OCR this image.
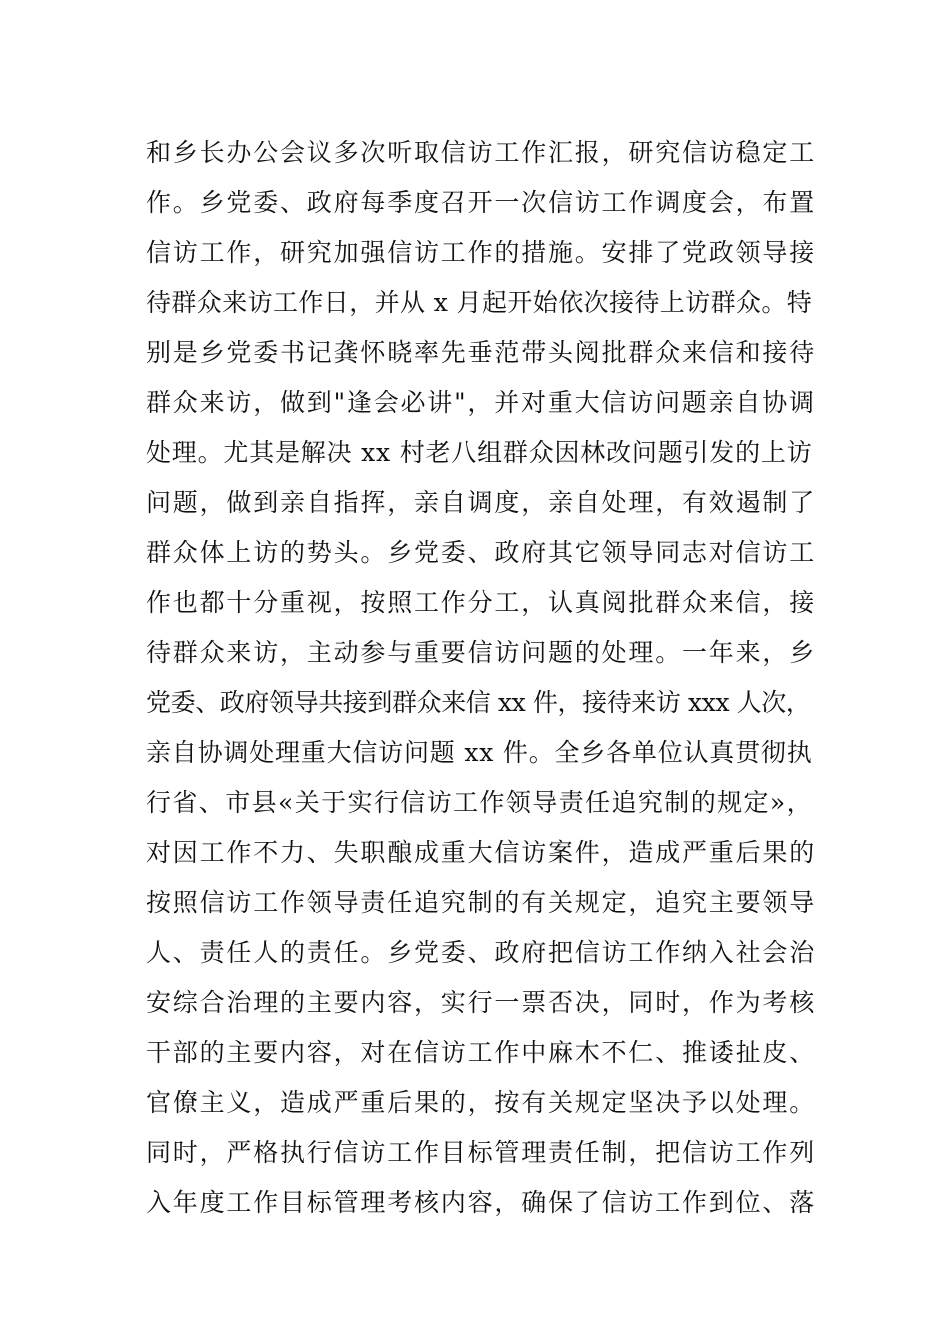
和乡长办公会议多次听取信访工作汇报，研究信访稳定工
作。乡党委、政府每季度召开一次信访工作调度会，布置
信访工作，研究加强信访工作的措施。安排了党政领导接
待群众来访工作日，并从 x 月起开始依次接待上访群众。特
别是乡党委书记龚怀晓率先垂范带头阅批群众来信和接待
群众来访，做到"逢会必讲"，并对重大信访问题亲自协调
处理。尤其是解决 xx 村老八组群众因林改问题引发的上访
问题，做到亲自指挥，亲自调度，亲自处理，有效遏制了
群众体上访的势头。乡党委、政府其它领导同志对信访工
作也都十分重视，按照工作分工，认真阅批群众来信，接
待群众来访，主动参与重要信访问题的处理。一年来，乡
党委、政府领导共接到群众来信 xx 件，接待来访 xxx 人次，
亲自协调处理重大信访问题 xx 件。全乡各单位认真贯彻执
行省、市县«关于实行信访工作领导责任追究制的规定»，
对因工作不力、失职酿成重大信访案件，造成严重后果的
按照信访工作领导责任追究制的有关规定，追究主要领导
人、责任人的责任。乡党委、政府把信访工作纳入社会治
安综合治理的主要内容，实行一票否决，同时，作为考核
干部的主要内容，对在信访工作中麻木不仁、推诿扯皮、
官僚主义，造成严重后果的，按有关规定坚决予以处理。
同时，严格执行信访工作目标管理责任制，把信访工作列
入年度工作目标管理考核内容，确保了信访工作到位、落
